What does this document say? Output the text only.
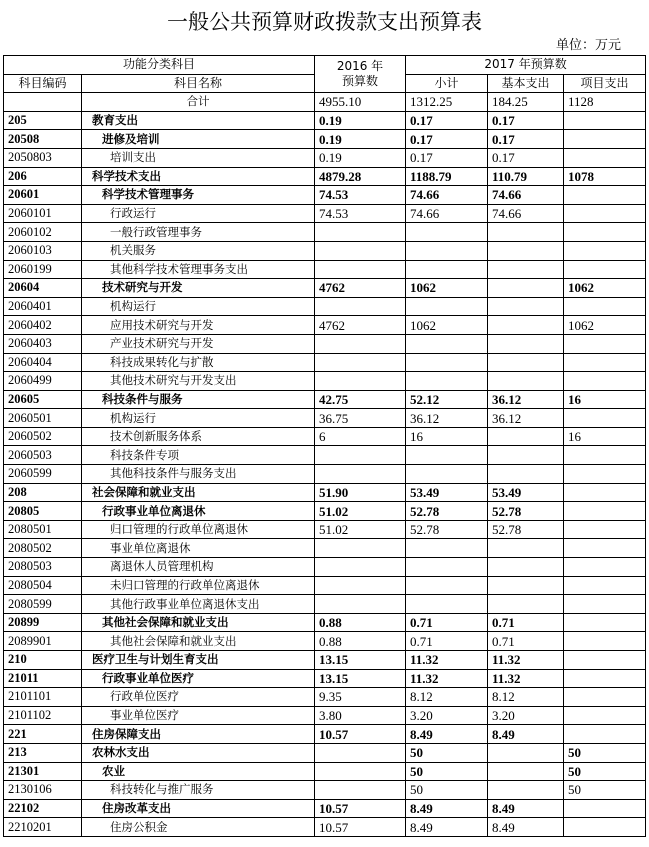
一般公共预算财政拨款支出预算表
单位：万元
功能分类科目		2016 年
预算数	2017 年预算数		
科目编码	科目名称		小计	基本支出	项目支出
	合计	4955.10	1312.25	184.25	1128
205	教育支出	0.19	0.17	0.17	
20508	进修及培训	0.19	0.17	0.17	
2050803	培训支出	0.19	0.17	0.17	
206	科学技术支出	4879.28	1188.79	110.79	1078
20601	科学技术管理事务	74.53	74.66	74.66	
2060101	行政运行	74.53	74.66	74.66	
2060102	一般行政管理事务				
2060103	机关服务				
2060199	其他科学技术管理事务支出				
20604	技术研究与开发	4762	1062		1062
2060401	机构运行				
2060402	应用技术研究与开发	4762	1062		1062
2060403	产业技术研究与开发				
2060404	科技成果转化与扩散				
2060499	其他技术研究与开发支出				
20605	科技条件与服务	42.75	52.12	36.12	16
2060501	机构运行	36.75	36.12	36.12	
2060502	技术创新服务体系	6	16		16
2060503	科技条件专项				
2060599	其他科技条件与服务支出				
208	社会保障和就业支出	51.90	53.49	53.49	
20805	行政事业单位离退休	51.02	52.78	52.78	
2080501	归口管理的行政单位离退休	51.02	52.78	52.78	
2080502	事业单位离退休				
2080503	离退休人员管理机构				
2080504	未归口管理的行政单位离退休				
2080599	其他行政事业单位离退休支出				
20899	其他社会保障和就业支出	0.88	0.71	0.71	
2089901	其他社会保障和就业支出	0.88	0.71	0.71	
210	医疗卫生与计划生育支出	13.15	11.32	11.32	
21011	行政事业单位医疗	13.15	11.32	11.32	
2101101	行政单位医疗	9.35	8.12	8.12	
2101102	事业单位医疗	3.80	3.20	3.20	
221	住房保障支出	10.57	8.49	8.49	
213	农林水支出		50		50
21301	农业		50		50
2130106	科技转化与推广服务		50		50
22102	住房改革支出	10.57	8.49	8.49	
2210201	住房公积金	10.57	8.49	8.49	
